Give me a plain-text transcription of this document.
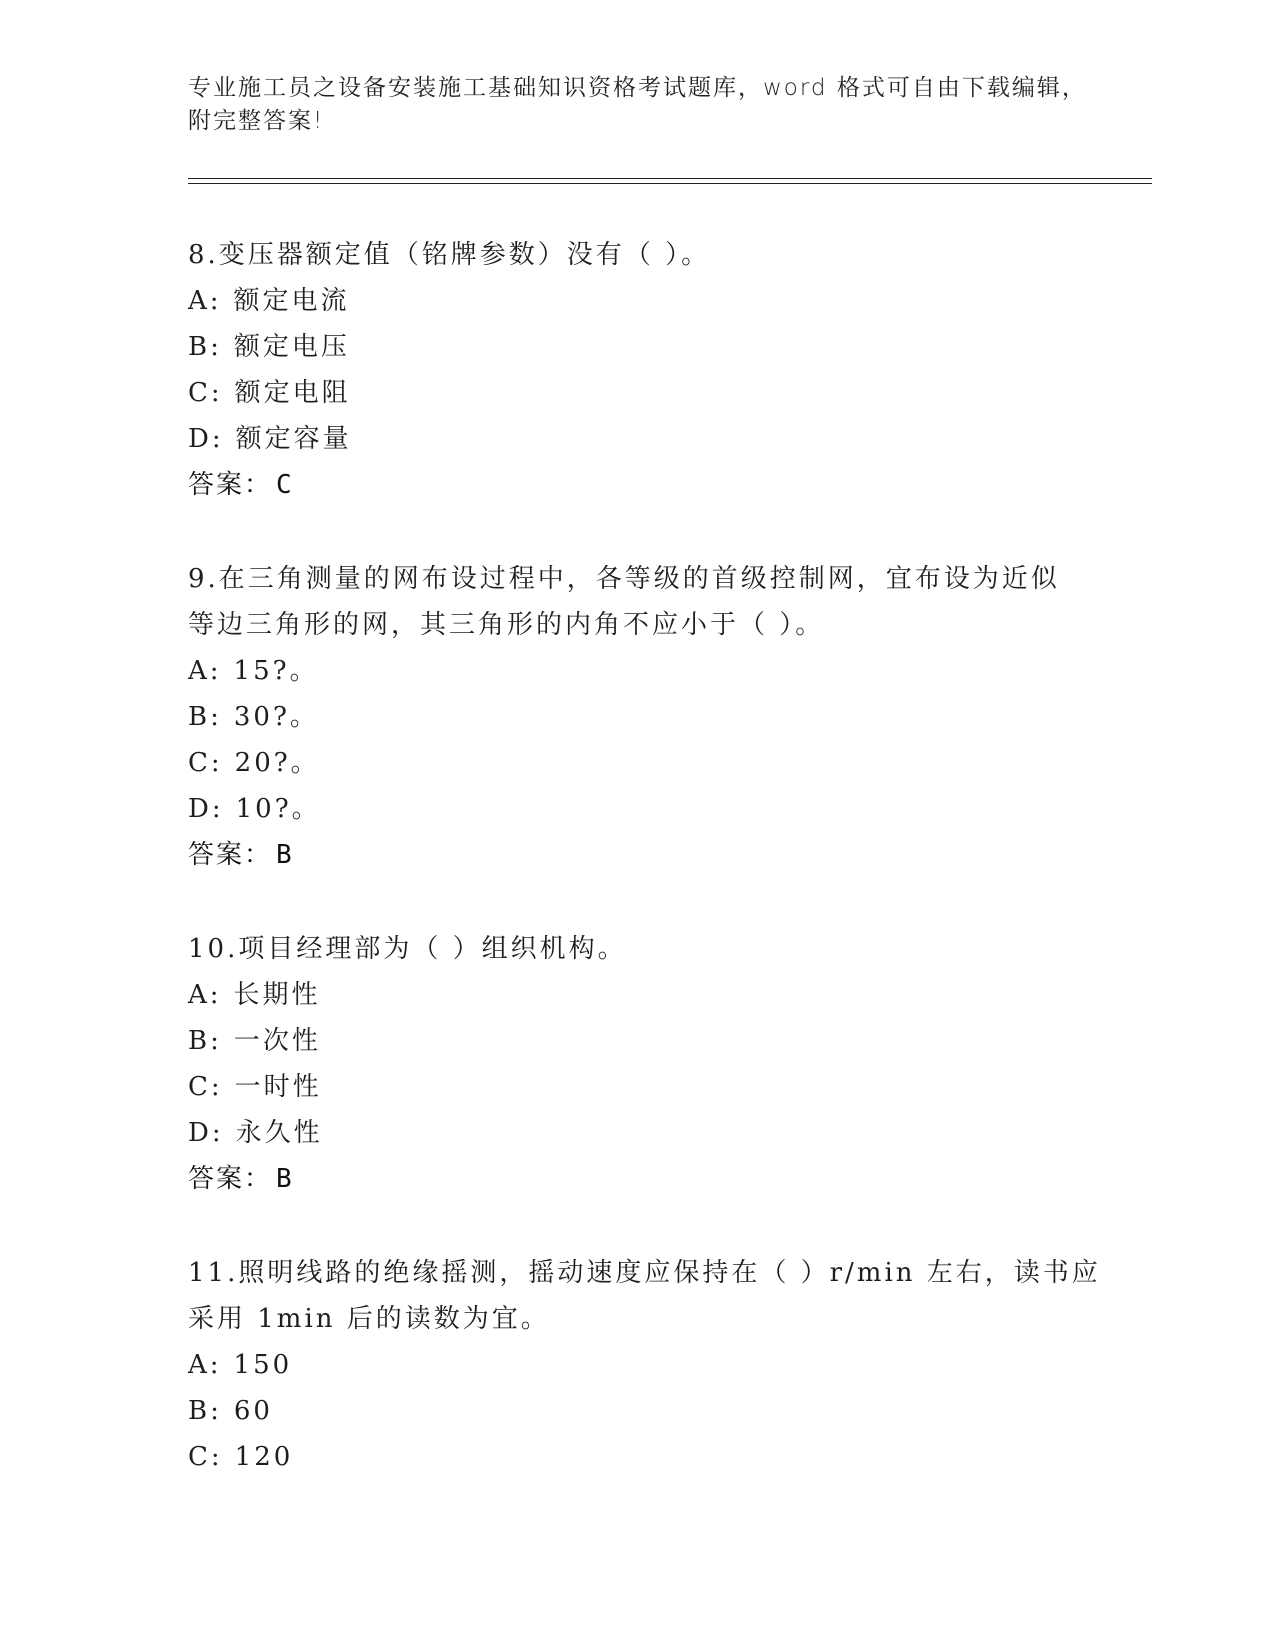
专业施工员之设备安装施工基础知识资格考试题库，word 格式可自由下载编辑，
附完整答案!
8.变压器额定值（铭牌参数）没有（ ）。
A: 额定电流
B: 额定电压
C: 额定电阻
D: 额定容量
答案： C
9.在三角测量的网布设过程中，各等级的首级控制网，宜布设为近似
等边三角形的网，其三角形的内角不应小于（ ）。
A: 15?。
B: 30?。
C: 20?。
D: 10?。
答案： B
10.项目经理部为（ ）组织机构。
A: 长期性
B: 一次性
C: 一时性
D: 永久性
答案： B
11.照明线路的绝缘摇测，摇动速度应保持在（ ）r/min 左右，读书应
采用 1min 后的读数为宜。
A: 150
B: 60
C: 120
